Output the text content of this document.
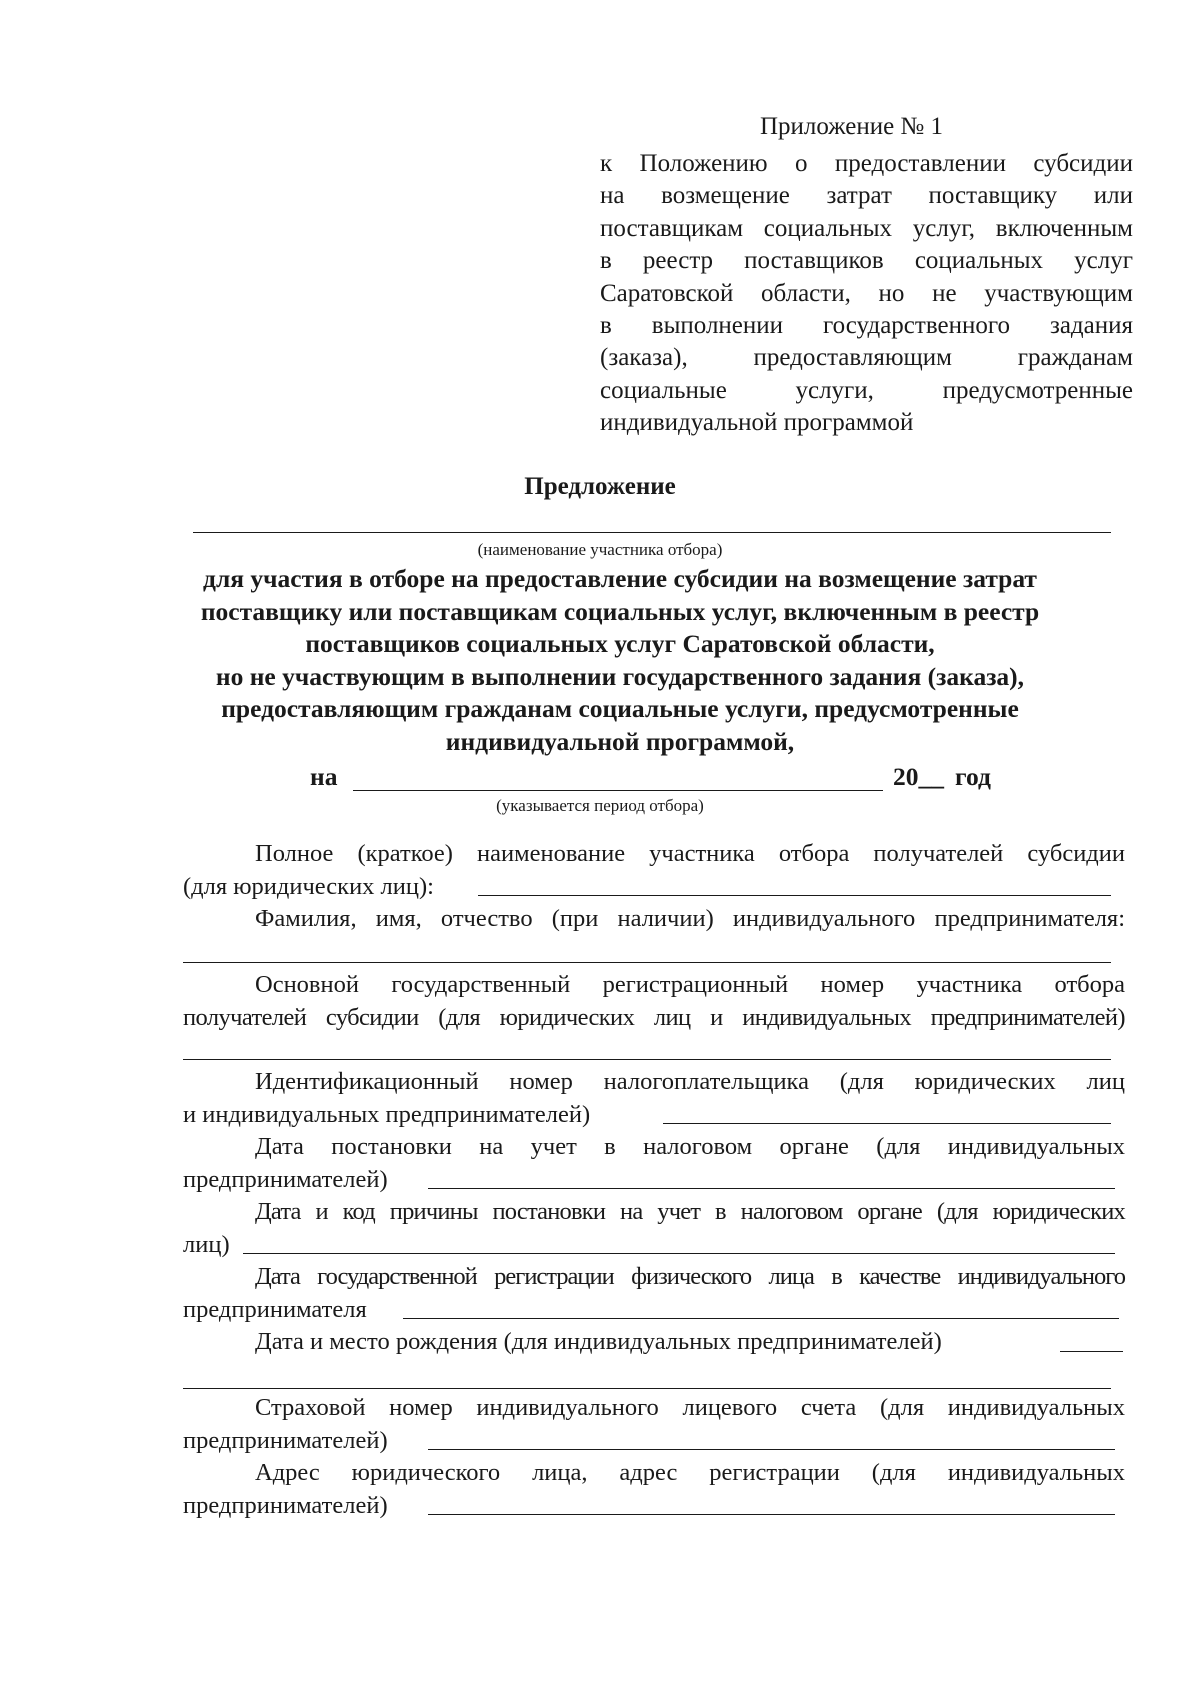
Приложение № 1
к Положению о предоставлении субсидии
на возмещение затрат поставщику или
поставщикам социальных услуг, включенным
в реестр поставщиков социальных услуг
Саратовской области, но не участвующим
в выполнении государственного задания
(заказа), предоставляющим гражданам
социальные услуги, предусмотренные
индивидуальной программой
Предложение
(наименование участника отбора)
для участия в отборе на предоставление субсидии на возмещение затрат
поставщику или поставщикам социальных услуг, включенным в реестр
поставщиков социальных услуг Саратовской области,
но не участвующим в выполнении государственного задания (заказа),
предоставляющим гражданам социальные услуги, предусмотренные
индивидуальной программой,
на	20__ год
(указывается период отбора)
Полное (краткое) наименование участника отбора получателей субсидии
(для юридических лиц):
Фамилия, имя, отчество (при наличии) индивидуального предпринимателя:
Основной государственный регистрационный номер участника отбора
получателей субсидии (для юридических лиц и индивидуальных предпринимателей)
Идентификационный номер налогоплательщика (для юридических лиц
и индивидуальных предпринимателей)
Дата постановки на учет в налоговом органе (для индивидуальных
предпринимателей)
Дата и код причины постановки на учет в налоговом органе (для юридических
лиц)
Дата государственной регистрации физического лица в качестве индивидуального
предпринимателя
Дата и место рождения (для индивидуальных предпринимателей)
Страховой номер индивидуального лицевого счета (для индивидуальных
предпринимателей)
Адрес юридического лица, адрес регистрации (для индивидуальных
предпринимателей)
